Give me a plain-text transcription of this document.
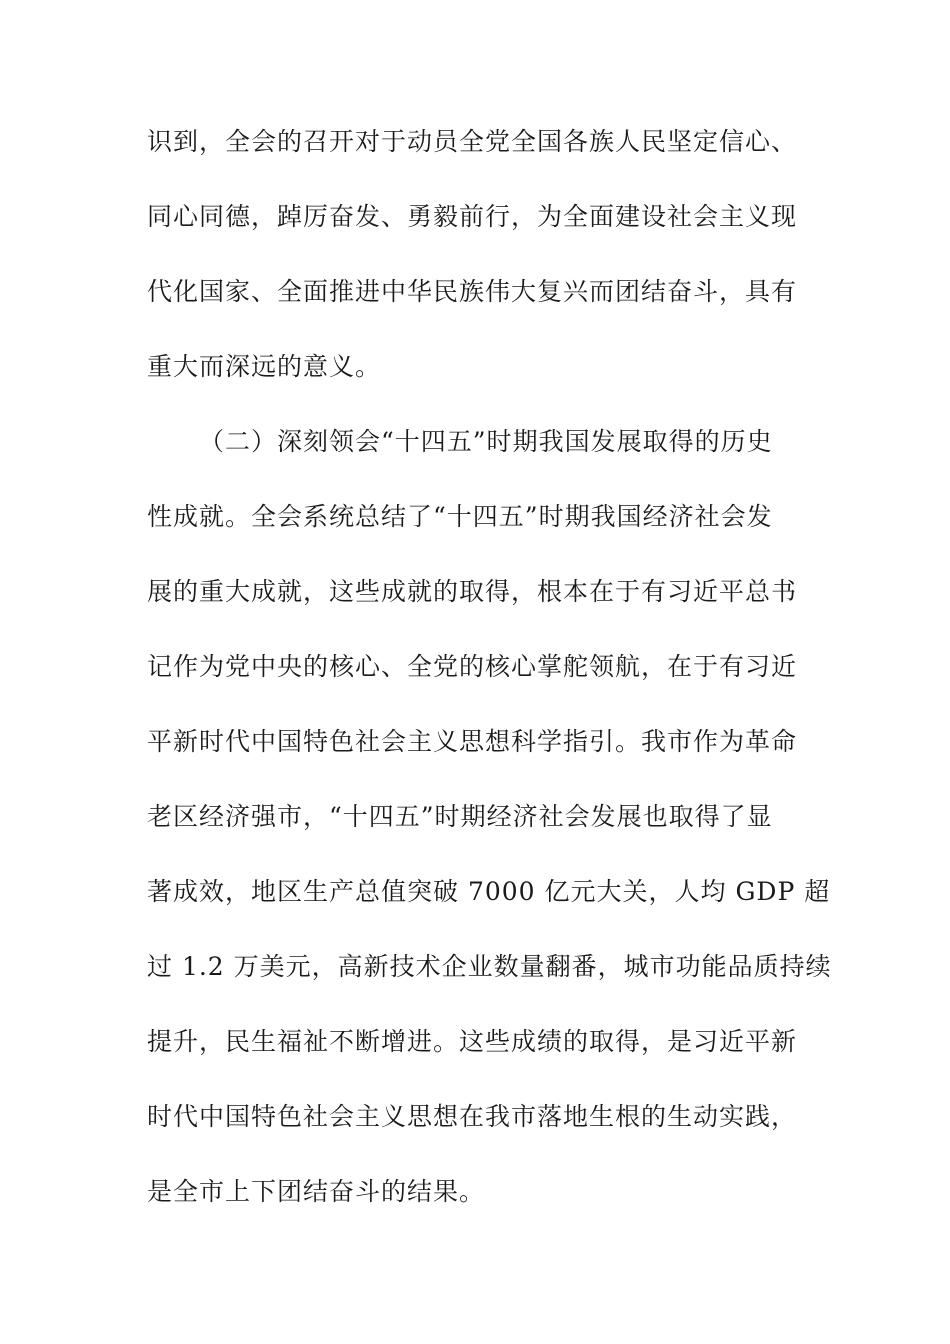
识到，全会的召开对于动员全党全国各族人民坚定信心、
同心同德，踔厉奋发、勇毅前行，为全面建设社会主义现
代化国家、全面推进中华民族伟大复兴而团结奋斗，具有
重大而深远的意义。
（二）深刻领会“十四五”时期我国发展取得的历史
性成就。全会系统总结了“十四五”时期我国经济社会发
展的重大成就，这些成就的取得，根本在于有习近平总书
记作为党中央的核心、全党的核心掌舵领航，在于有习近
平新时代中国特色社会主义思想科学指引。我市作为革命
老区经济强市，“十四五”时期经济社会发展也取得了显
著成效，地区生产总值突破 7000 亿元大关，人均 GDP 超
过 1.2 万美元，高新技术企业数量翻番，城市功能品质持续
提升，民生福祉不断增进。这些成绩的取得，是习近平新
时代中国特色社会主义思想在我市落地生根的生动实践，
是全市上下团结奋斗的结果。
